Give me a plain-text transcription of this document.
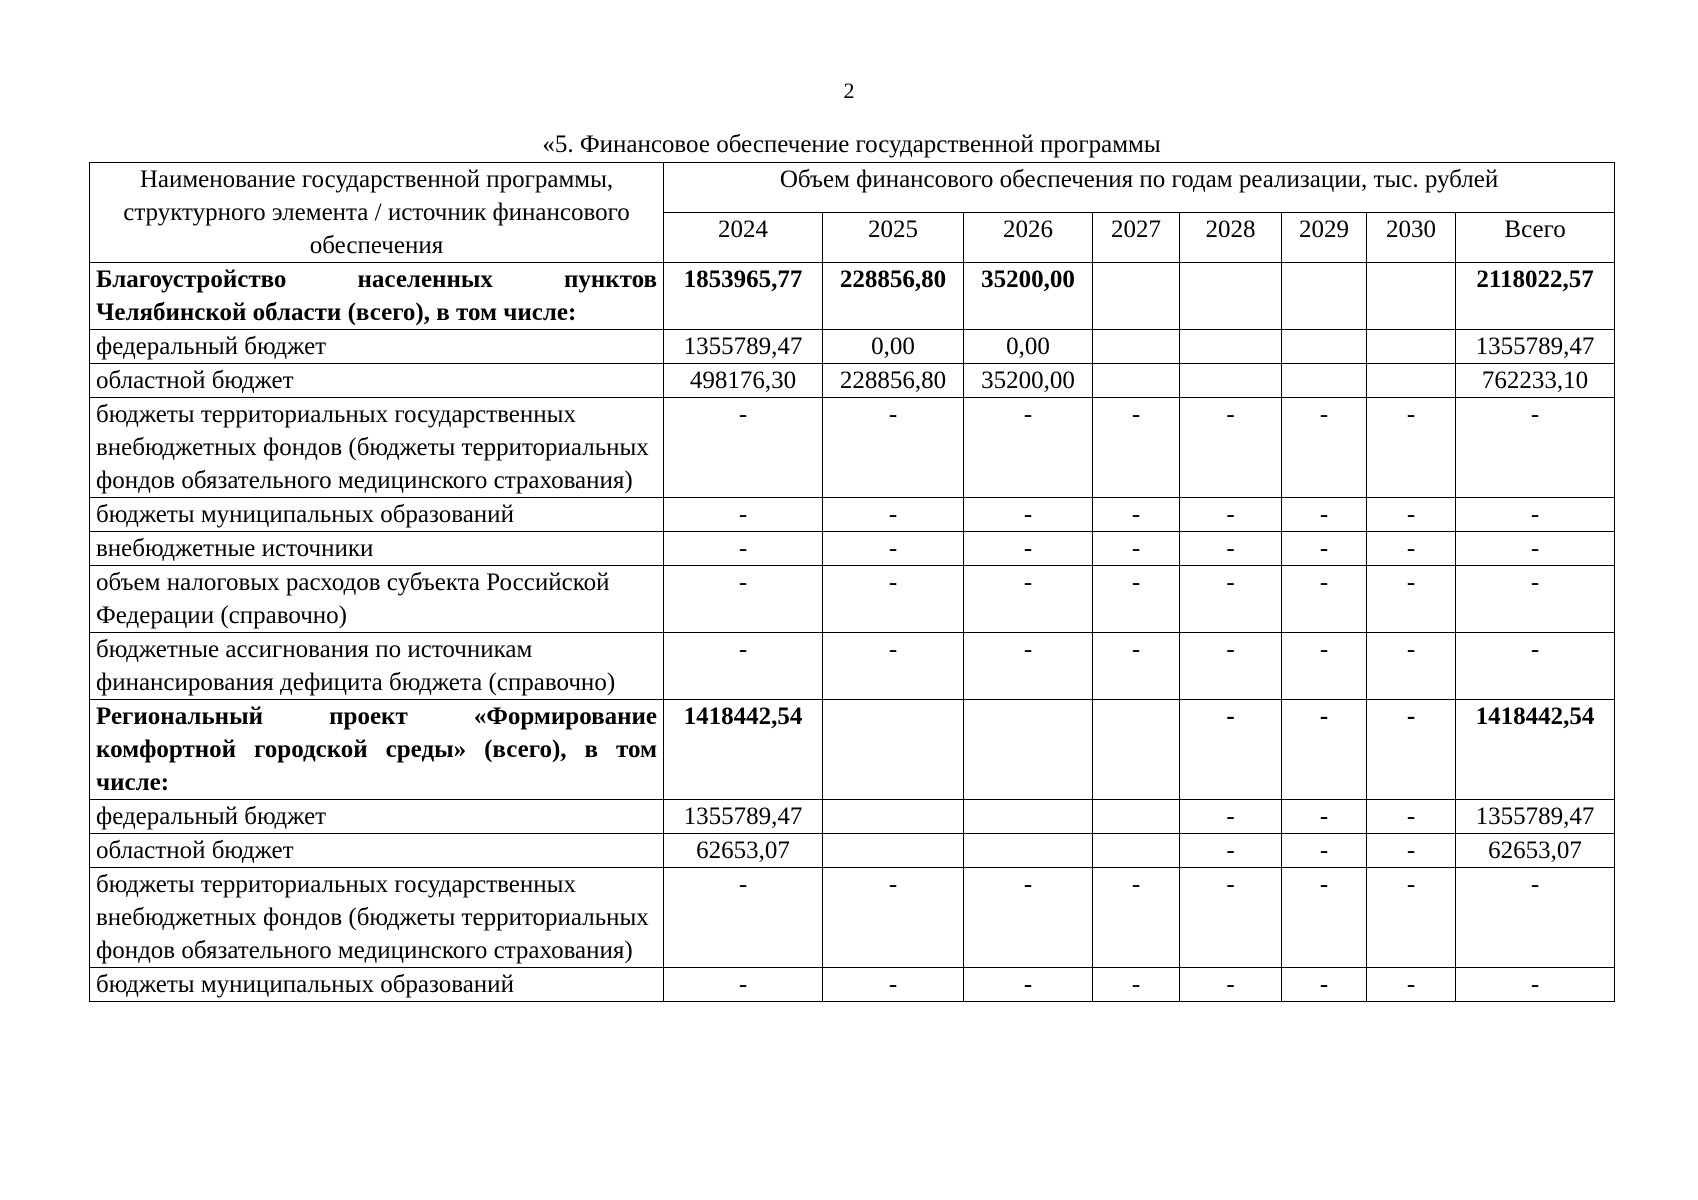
2
«5. Финансовое обеспечение государственной программы
Наименование государственной программы, структурного элемента / источник финансового обеспечения	Объем финансового обеспечения по годам реализации, тыс. рублей							
	2024	2025	2026	2027	2028	2029	2030	Всего
Благоустройство населенных пунктов Челябинской области (всего), в том числе:	1853965,77	228856,80	35200,00					2118022,57
федеральный бюджет	1355789,47	0,00	0,00					1355789,47
областной бюджет	498176,30	228856,80	35200,00					762233,10
бюджеты территориальных государственных внебюджетных фондов (бюджеты территориальных фондов обязательного медицинского страхования)	-	-	-	-	-	-	-	-
бюджеты муниципальных образований	-	-	-	-	-	-	-	-
внебюджетные источники	-	-	-	-	-	-	-	-
объем налоговых расходов субъекта Российской Федерации (справочно)	-	-	-	-	-	-	-	-
бюджетные ассигнования по источникам финансирования дефицита бюджета (справочно)	-	-	-	-	-	-	-	-
Региональный проект «Формирование комфортной городской среды» (всего), в том числе:	1418442,54				-	-	-	1418442,54
федеральный бюджет	1355789,47				-	-	-	1355789,47
областной бюджет	62653,07				-	-	-	62653,07
бюджеты территориальных государственных внебюджетных фондов (бюджеты территориальных фондов обязательного медицинского страхования)	-	-	-	-	-	-	-	-
бюджеты муниципальных образований	-	-	-	-	-	-	-	-
